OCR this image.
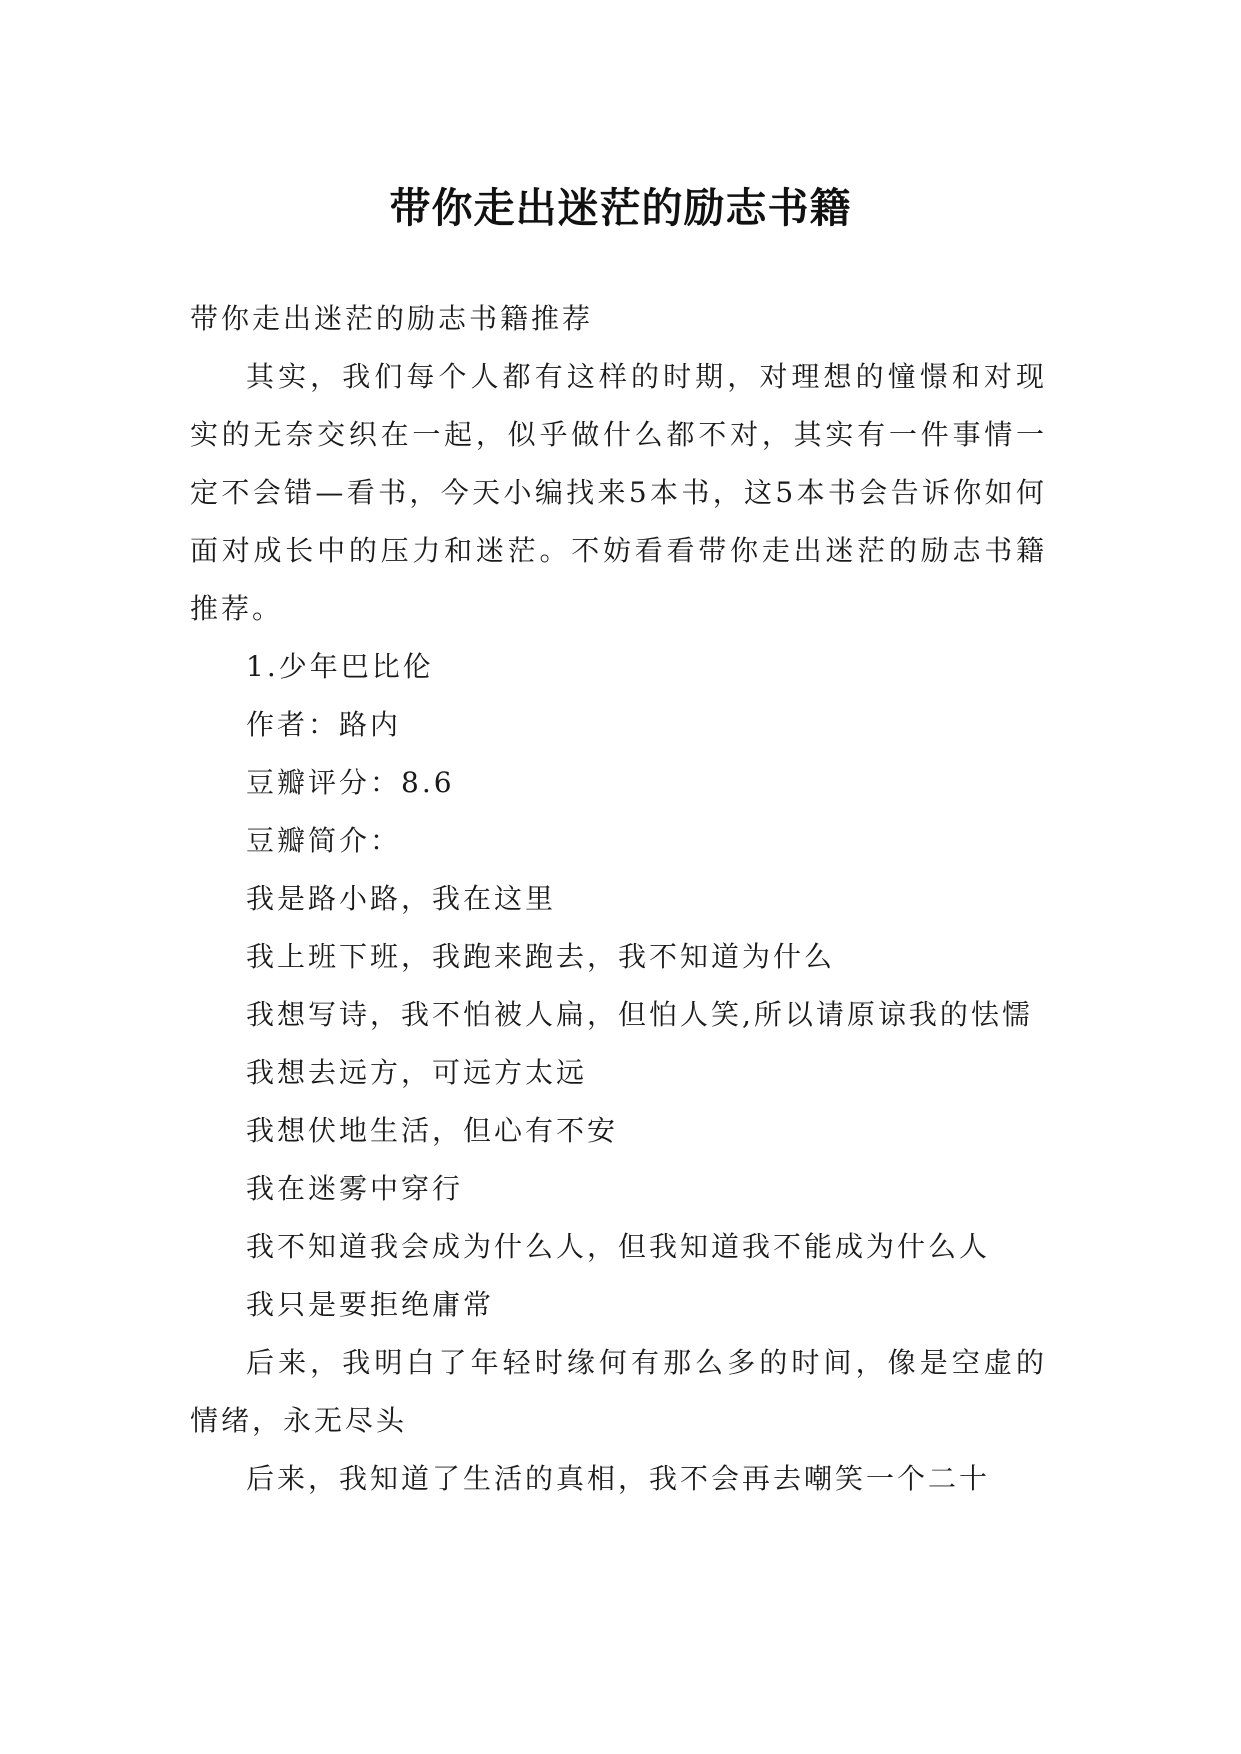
带你走出迷茫的励志书籍

带你走出迷茫的励志书籍推荐

其实，我们每个人都有这样的时期，对理想的憧憬和对现实的无奈交织在一起，似乎做什么都不对，其实有一件事情一定不会错—看书，今天小编找来5本书，这5本书会告诉你如何面对成长中的压力和迷茫。不妨看看带你走出迷茫的励志书籍推荐。

1.少年巴比伦

作者：路内

豆瓣评分：8.6

豆瓣简介：

我是路小路，我在这里

我上班下班，我跑来跑去，我不知道为什么

我想写诗，我不怕被人扁，但怕人笑,所以请原谅我的怯懦

我想去远方，可远方太远

我想伏地生活，但心有不安

我在迷雾中穿行

我不知道我会成为什么人，但我知道我不能成为什么人

我只是要拒绝庸常

后来，我明白了年轻时缘何有那么多的时间，像是空虚的情绪，永无尽头

后来，我知道了生活的真相，我不会再去嘲笑一个二十
